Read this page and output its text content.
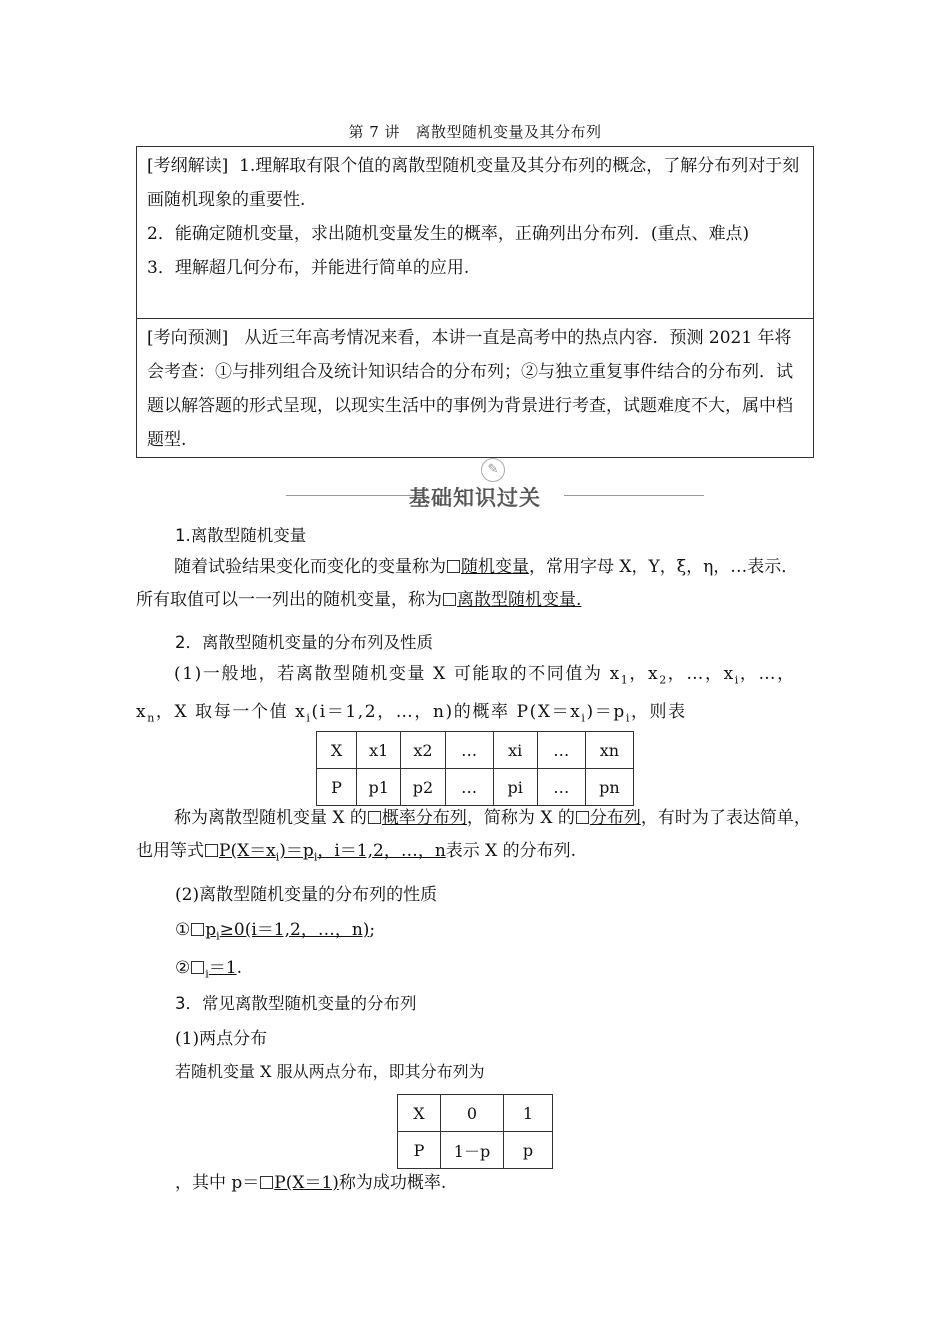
第 7 讲　离散型随机变量及其分布列

[考纲解读] 1.理解取有限个值的离散型随机变量及其分布列的概念，了解分布列对于刻画随机现象的重要性.

2．能确定随机变量，求出随机变量发生的概率，正确列出分布列．(重点、难点)

3．理解超几何分布，并能进行简单的应用.

[考向预测] 从近三年高考情况来看，本讲一直是高考中的热点内容．预测 2021 年将会考查：①与排列组合及统计知识结合的分布列；②与独立重复事件结合的分布列．试题以解答题的形式呈现，以现实生活中的事例为背景进行考查，试题难度不大，属中档题型.

✎
基础知识过关
1.离散型随机变量
随着试验结果变化而变化的变量称为 随机变量，常用字母 X，Y，ξ，η，…表示．所有取值可以一一列出的随机变量，称为 离散型随机变量.
2．离散型随机变量的分布列及性质
(1)一般地，若离散型随机变量 X 可能取的不同值为 $x_1$，$x_2$，…，$x_i$，…，$x_n$，X 取每一个值 $x_i(i=1,2$，…，n)的概率 $P(X=x_i)=p_i$，则表
X	x1	x2	…	xi	…	xn
P	p1	p2	…	pi	…	pn
称为离散型随机变量 X 的 概率分布列，简称为 X 的 分布列，有时为了表达简单，也用等式 $P(X=x_i)=p_i$，i＝1,2，…，n表示 X 的分布列.
(2)离散型随机变量的分布列的性质
① $p_i\ge 0(i=1,2$，…，n);
② $_i$＝1.
3．常见离散型随机变量的分布列
(1)两点分布
若随机变量 X 服从两点分布，即其分布列为
X	0	1
P	1－p	p
，其中 p＝ P(X＝1)称为成功概率.
